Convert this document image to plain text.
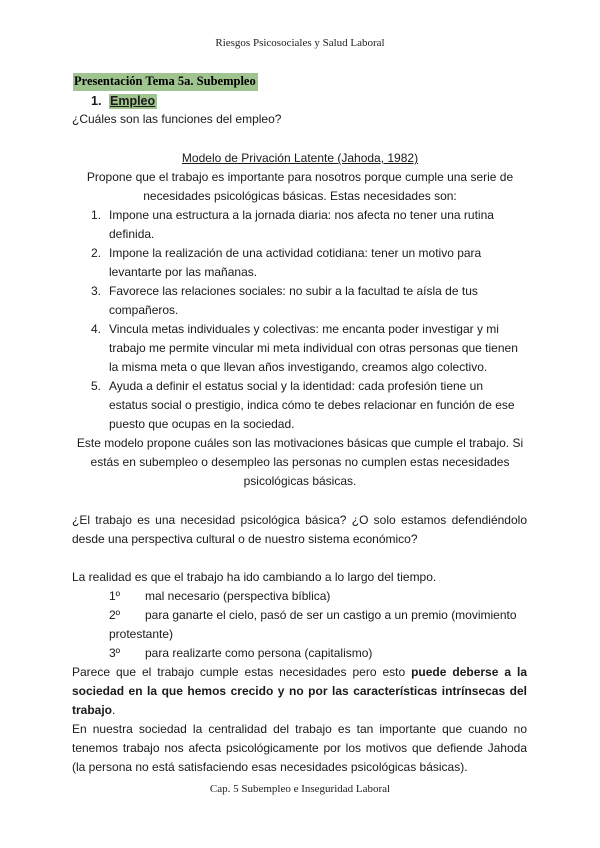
Riesgos Psicosociales y Salud Laboral
Presentación Tema 5a. Subempleo
1. Empleo
¿Cuáles son las funciones del empleo?
Modelo de Privación Latente (Jahoda, 1982)
Propone que el trabajo es importante para nosotros porque cumple una serie de
necesidades psicológicas básicas. Estas necesidades son:
1. Impone una estructura a la jornada diaria: nos afecta no tener una rutina
definida.
2. Impone la realización de una actividad cotidiana: tener un motivo para
levantarte por las mañanas.
3. Favorece las relaciones sociales: no subir a la facultad te aísla de tus
compañeros.
4. Vincula metas individuales y colectivas: me encanta poder investigar y mi
trabajo me permite vincular mi meta individual con otras personas que tienen
la misma meta o que llevan años investigando, creamos algo colectivo.
5. Ayuda a definir el estatus social y la identidad: cada profesión tiene un
estatus social o prestigio, indica cómo te debes relacionar en función de ese
puesto que ocupas en la sociedad.
Este modelo propone cuáles son las motivaciones básicas que cumple el trabajo. Si
estás en subempleo o desempleo las personas no cumplen estas necesidades
psicológicas básicas.
¿El trabajo es una necesidad psicológica básica? ¿O solo estamos defendiéndolo
desde una perspectiva cultural o de nuestro sistema económico?
La realidad es que el trabajo ha ido cambiando a lo largo del tiempo.
1º mal necesario (perspectiva bíblica)
2º para ganarte el cielo, pasó de ser un castigo a un premio (movimiento
protestante)
3º para realizarte como persona (capitalismo)
Parece que el trabajo cumple estas necesidades pero esto puede deberse a la
sociedad en la que hemos crecido y no por las características intrínsecas del
trabajo.
En nuestra sociedad la centralidad del trabajo es tan importante que cuando no
tenemos trabajo nos afecta psicológicamente por los motivos que defiende Jahoda
(la persona no está satisfaciendo esas necesidades psicológicas básicas).
Cap. 5 Subempleo e Inseguridad Laboral
